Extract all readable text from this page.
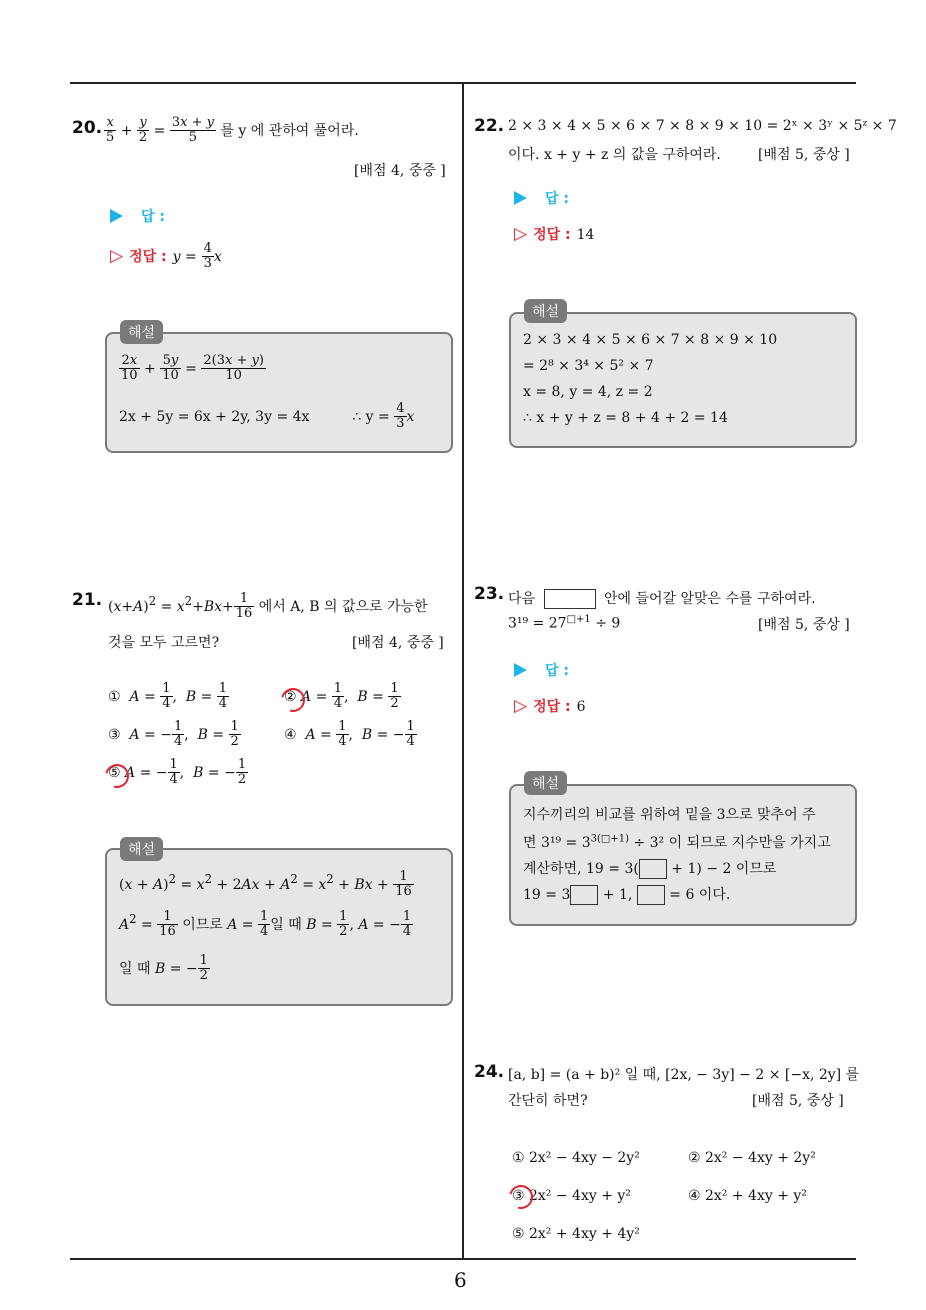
20. $\frac{x}{5} + \frac{y}{2} = \frac{3x + y}{5}$ 를 y 에 관하여 풀어라.
[배점 4, 중중 ]
답 :
▷ 정답 : $y = \frac{4}{3}$ x
$\frac{2x}{10} + \frac{5y}{10} = \frac{2(3x + y)}{10}$
2x + 5y = 6x + 2y, 3y = 4x	∴ $y = \frac{4}{3}$ x
해설
21. $(x+A)^2 = x^2+Bx+ \frac{1}{16}$ 에서 A, B 의 값으로 가능한
것을 모두 고르면?	[배점 4, 중중 ]
①  $A = \frac{1}{4}$ ,  $B = \frac{1}{4}$	② $A = \frac{1}{4}$ ,  $B = \frac{1}{2}$
③  A = − $\frac{1}{4}$ ,  $B = \frac{1}{2}$	④  $A = \frac{1}{4}$ ,  B = − $\frac{1}{4}$
⑤ A = − $\frac{1}{4}$ ,  B = − $\frac{1}{2}$
$(x + A)^2 = x^2 + 2Ax + A^2 = x^2 + Bx + \frac{1}{16}$
$A^2 = \frac{1}{16}$ 이므로 $A = \frac{1}{4}$ 일 때 $B = \frac{1}{2}$ , A = − $\frac{1}{4}$
일 때 B = − $\frac{1}{2}$
해설
22. 2 × 3 × 4 × 5 × 6 × 7 × 8 × 9 × 10 = 2ˣ × 3ʸ × 5ᶻ × 7
이다. x + y + z 의 값을 구하여라.	[배점 5, 중상 ]
답 :
▷ 정답 : 14
2 × 3 × 4 × 5 × 6 × 7 × 8 × 9 × 10
= 2⁸ × 3⁴ × 5² × 7
x = 8, y = 4, z = 2
∴ x + y + z = 8 + 4 + 2 = 14
해설
23. 다음	안에 들어갈 알맞은 수를 구하여라.
$3^{19} = 27^{□+1} \div 9$	[배점 5, 중상 ]
답 :
▷ 정답 : 6
지수끼리의 비교를 위하여 밑을 3으로 맞추어 주
면 $3^{19} = 3^{3(□+1)} \div 3^2$ 이 되므로 지수만을 가지고
계산하면, 19 = 3( + 1) − 2 이므로
19 = 3 + 1,  = 6 이다.
해설
24. [a, b] = (a + b)² 일 때, [2x, − 3y] − 2 × [−x, 2y] 를
간단히 하면?	[배점 5, 중상 ]
① 2x² − 4xy − 2y²	② 2x² − 4xy + 2y²
③ 2x² − 4xy + y²	④ 2x² + 4xy + y²
⑤ 2x² + 4xy + 4y²
6
